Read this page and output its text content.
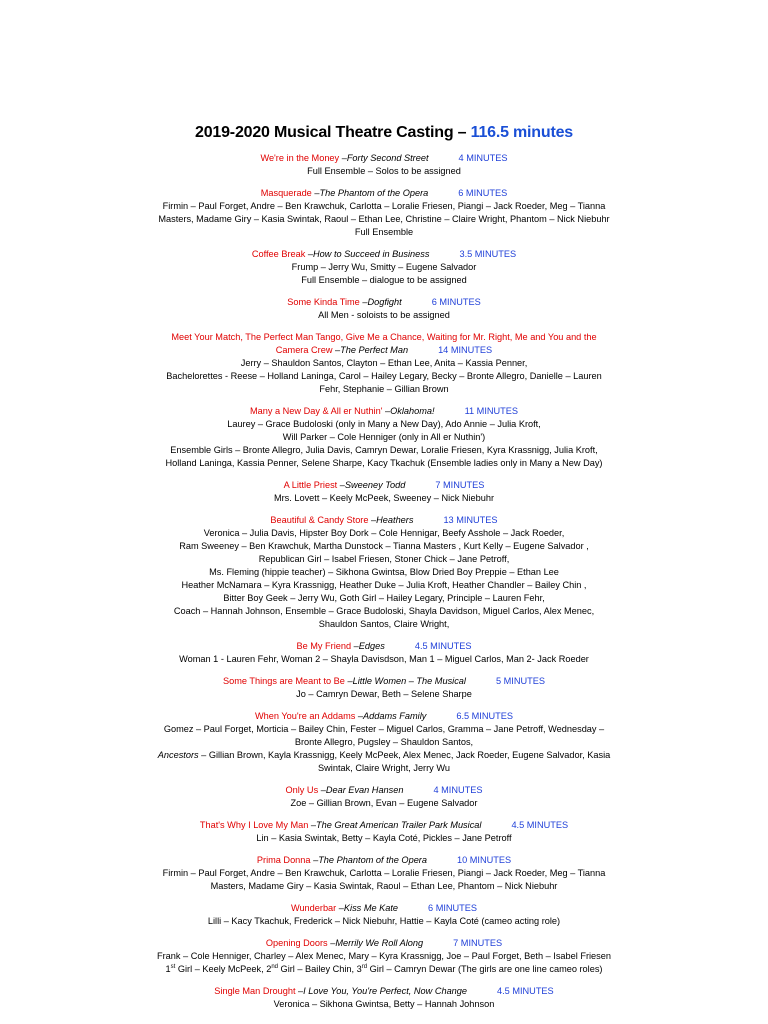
2019-2020 Musical Theatre Casting – 116.5 minutes

We're in the Money –Forty Second Street	4 MINUTES

Full Ensemble – Solos to be assigned

Masquerade –The Phantom of the Opera	6 MINUTES

Firmin – Paul Forget, Andre – Ben Krawchuk, Carlotta – Loralie Friesen, Piangi – Jack Roeder, Meg – Tianna

Masters, Madame Giry – Kasia Swintak, Raoul – Ethan Lee, Christine – Claire Wright, Phantom – Nick Niebuhr

Full Ensemble

Coffee Break –How to Succeed in Business	3.5 MINUTES

Frump – Jerry Wu, Smitty – Eugene Salvador

Full Ensemble – dialogue to be assigned

Some Kinda Time –Dogfight	6 MINUTES

All Men - soloists to be assigned

Meet Your Match, The Perfect Man Tango, Give Me a Chance, Waiting for Mr. Right, Me and You and the

Camera Crew –The Perfect Man	14 MINUTES

Jerry – Shauldon Santos, Clayton – Ethan Lee, Anita – Kassia Penner,

Bachelorettes - Reese – Holland Laninga, Carol – Hailey Legary, Becky – Bronte Allegro, Danielle – Lauren

Fehr, Stephanie – Gillian Brown

Many a New Day & All er Nuthin' –Oklahoma!	11 MINUTES

Laurey – Grace Budoloski (only in Many a New Day), Ado Annie – Julia Kroft,

Will Parker – Cole Henniger (only in All er Nuthin')

Ensemble Girls – Bronte Allegro, Julia Davis, Camryn Dewar, Loralie Friesen, Kyra Krassnigg, Julia Kroft,

Holland Laninga, Kassia Penner, Selene Sharpe, Kacy Tkachuk (Ensemble ladies only in Many a New Day)

A Little Priest –Sweeney Todd	7 MINUTES

Mrs. Lovett – Keely McPeek, Sweeney – Nick Niebuhr

Beautiful & Candy Store –Heathers	13 MINUTES

Veronica – Julia Davis, Hipster Boy Dork – Cole Hennigar, Beefy Asshole – Jack Roeder,

Ram Sweeney – Ben Krawchuk, Martha Dunstock – Tianna Masters , Kurt Kelly – Eugene Salvador ,

Republican Girl – Isabel Friesen, Stoner Chick – Jane Petroff,

Ms. Fleming (hippie teacher) – Sikhona Gwintsa, Blow Dried Boy Preppie – Ethan Lee

Heather McNamara – Kyra Krassnigg, Heather Duke – Julia Kroft, Heather Chandler – Bailey Chin ,

Bitter Boy Geek – Jerry Wu, Goth Girl – Hailey Legary, Principle – Lauren Fehr,

Coach – Hannah Johnson, Ensemble – Grace Budoloski, Shayla Davidson, Miguel Carlos, Alex Menec,

Shauldon Santos, Claire Wright,

Be My Friend –Edges	4.5 MINUTES

Woman 1 - Lauren Fehr, Woman 2 – Shayla Davisdson, Man 1 – Miguel Carlos, Man 2- Jack Roeder

Some Things are Meant to Be –Little Women – The Musical	5 MINUTES

Jo – Camryn Dewar, Beth – Selene Sharpe

When You're an Addams –Addams Family	6.5 MINUTES

Gomez – Paul Forget, Morticia – Bailey Chin, Fester – Miguel Carlos, Gramma – Jane Petroff, Wednesday –

Bronte Allegro, Pugsley – Shauldon Santos,

Ancestors – Gillian Brown, Kayla Krassnigg, Keely McPeek, Alex Menec, Jack Roeder, Eugene Salvador, Kasia

Swintak, Claire Wright, Jerry Wu

Only Us –Dear Evan Hansen	4 MINUTES

Zoe – Gillian Brown, Evan – Eugene Salvador

That's Why I Love My Man –The Great American Trailer Park Musical	4.5 MINUTES

Lin – Kasia Swintak, Betty – Kayla Coté, Pickles – Jane Petroff

Prima Donna –The Phantom of the Opera	10 MINUTES

Firmin – Paul Forget, Andre – Ben Krawchuk, Carlotta – Loralie Friesen, Piangi – Jack Roeder, Meg – Tianna

Masters, Madame Giry – Kasia Swintak, Raoul – Ethan Lee, Phantom – Nick Niebuhr

Wunderbar –Kiss Me Kate	6 MINUTES

Lilli – Kacy Tkachuk, Frederick – Nick Niebuhr, Hattie – Kayla Coté (cameo acting role)

Opening Doors –Merrily We Roll Along	7 MINUTES

Frank – Cole Henniger, Charley – Alex Menec, Mary – Kyra Krassnigg, Joe – Paul Forget, Beth – Isabel Friesen

1st Girl – Keely McPeek, 2nd Girl – Bailey Chin, 3rd Girl – Camryn Dewar (The girls are one line cameo roles)

Single Man Drought –I Love You, You're Perfect, Now Change	4.5 MINUTES

Veronica – Sikhona Gwintsa, Betty – Hannah Johnson
